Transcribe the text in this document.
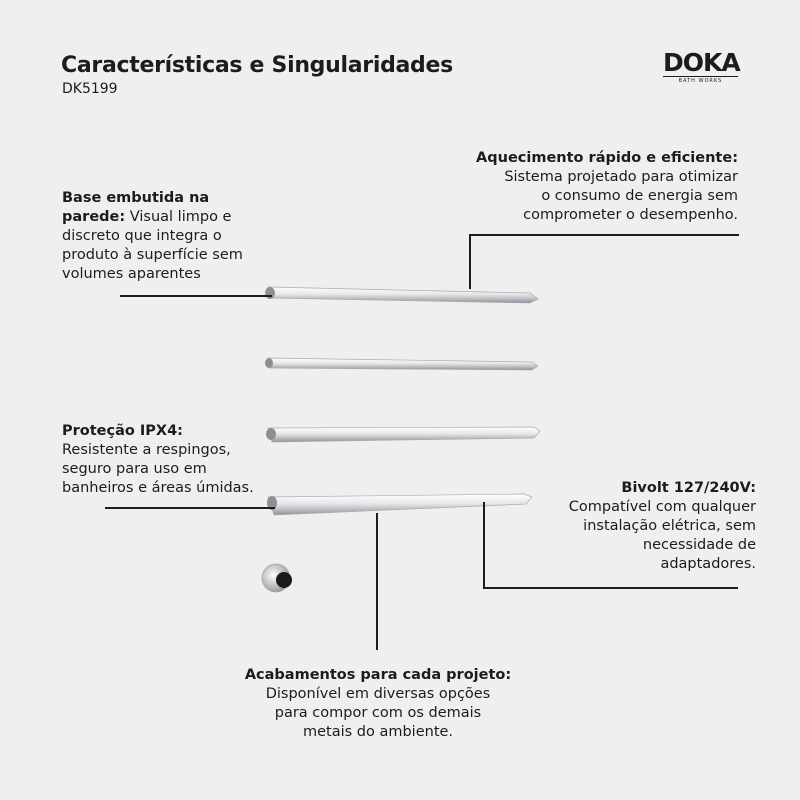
Características e Singularidades
DK5199
DOKA
BATH WORKS
Base embutida na parede: Visual limpo e discreto que integra o produto à superfície sem volumes aparentes
Aquecimento rápido e eficiente:
Sistema projetado para otimizar
o consumo de energia sem
comprometer o desempenho.
Proteção IPX4:
Resistente a respingos,
seguro para uso em
banheiros e áreas úmidas.	Bivolt 127/240V:
Compatível com qualquer
instalação elétrica, sem
necessidade de
adaptadores.
Acabamentos para cada projeto:
Disponível em diversas opções
para compor com os demais
metais do ambiente.
